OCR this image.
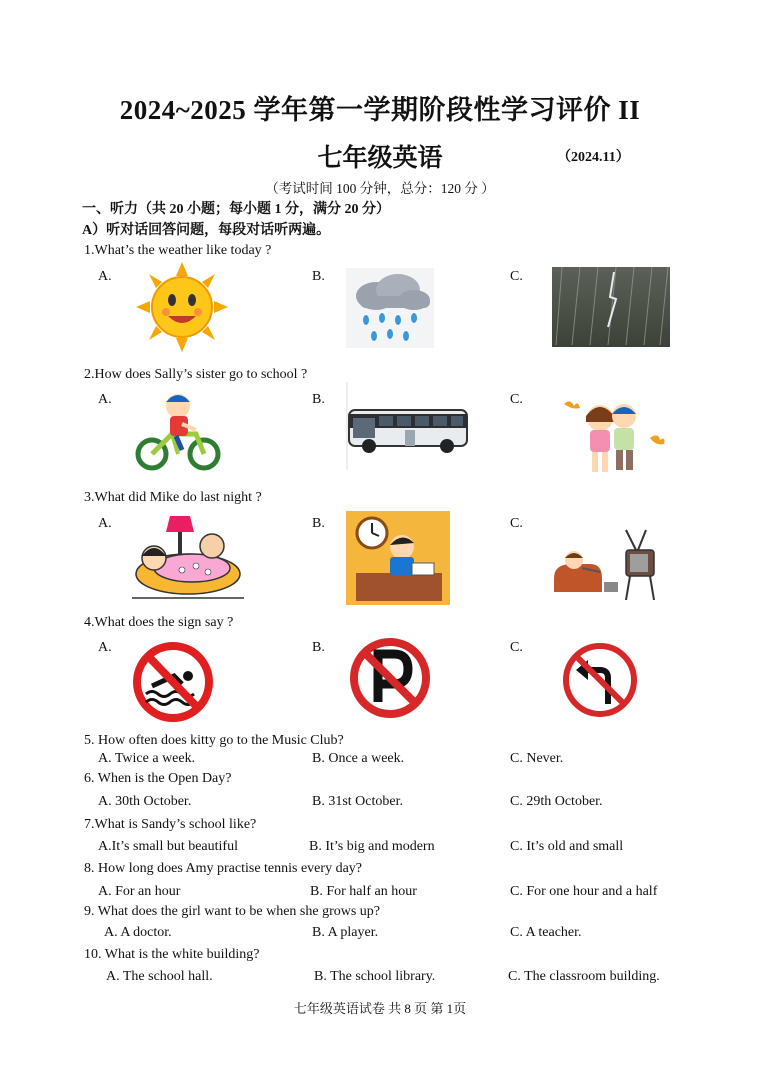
2024~2025 学年第一学期阶段性学习评价 II
七年级英语	（2024.11）
（考试时间 100 分钟，总分：120 分 ）
一、听力（共 20 小题；每小题 1 分，满分 20 分）
A）听对话回答问题，每段对话听两遍。
1.What’s the weather like today ?
A.	B.	C.
2.How does Sally’s sister go to school ?
A.	B.	C.
3.What did Mike do last night ?
A.	B.	C.
4.What does the sign say ?
A.	B.	C.
5. How often does kitty go to the Music Club?
A. Twice a week.	B. Once a week.	C. Never.
6. When is the Open Day?
A. 30th October.	B. 31st October.	C. 29th October.
7.What is Sandy’s school like?
A.It’s small but beautiful	B. It’s big and modern	C. It’s old and small
8. How long does Amy practise tennis every day?
A. For an hour	B. For half an hour	C. For one hour and a half
9. What does the girl want to be when she grows up?
A. A doctor.	B. A player.	C. A teacher.
10. What is the white building?
A. The school hall.	B. The school library.	C. The classroom building.
七年级英语试卷 共 8 页 第 1页
